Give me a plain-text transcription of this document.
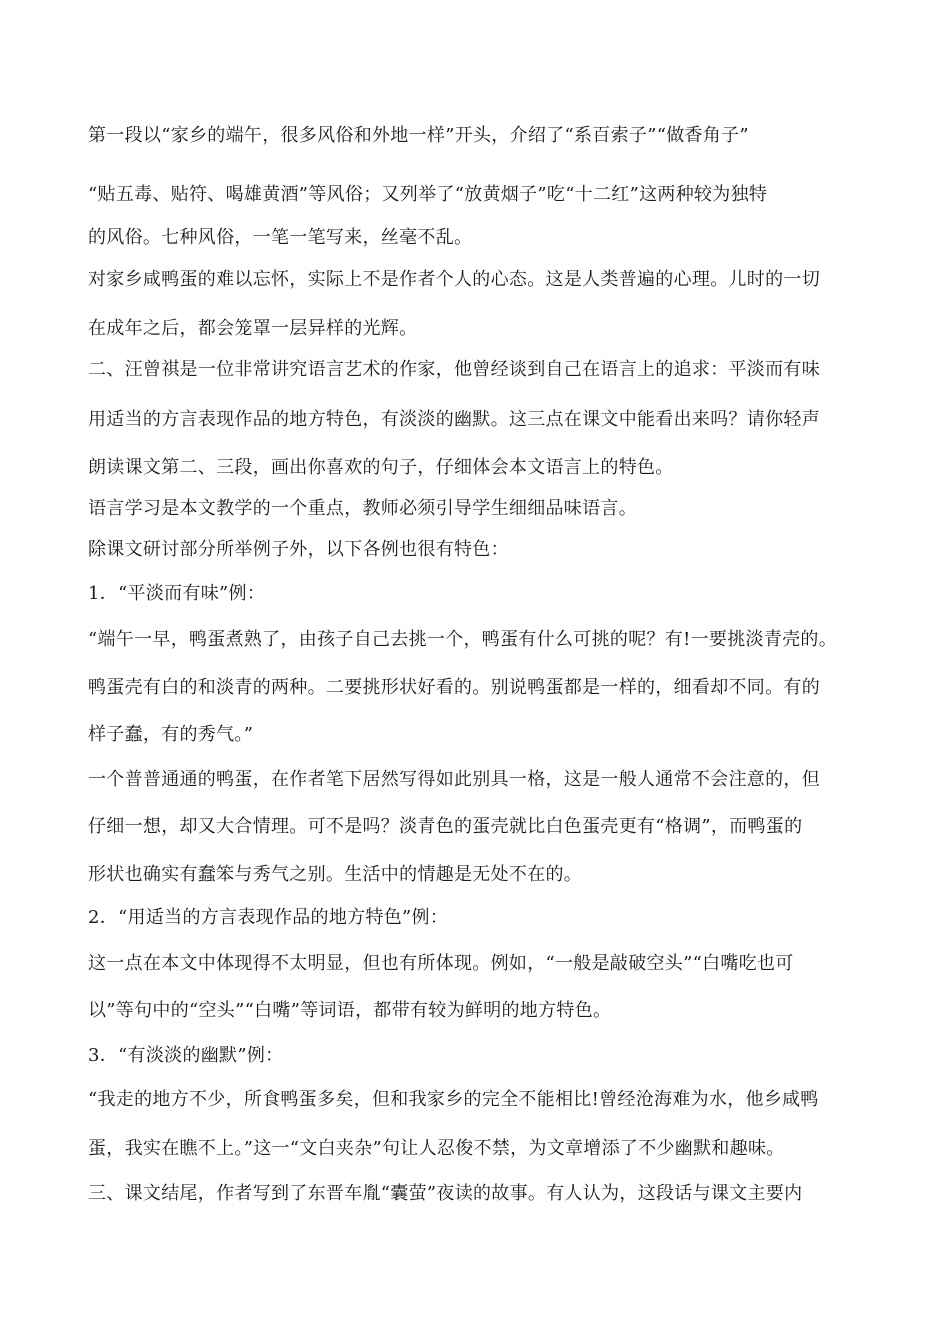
第一段以“家乡的端午，很多风俗和外地一样”开头，介绍了“系百索子”“做香角子”
“贴五毒、贴符、喝雄黄酒”等风俗；又列举了“放黄烟子”吃“十二红”这两种较为独特
的风俗。七种风俗，一笔一笔写来，丝毫不乱。
对家乡咸鸭蛋的难以忘怀，实际上不是作者个人的心态。这是人类普遍的心理。儿时的一切
在成年之后，都会笼罩一层异样的光辉。
二、汪曾祺是一位非常讲究语言艺术的作家，他曾经谈到自己在语言上的追求：平淡而有味
用适当的方言表现作品的地方特色，有淡淡的幽默。这三点在课文中能看出来吗？请你轻声
朗读课文第二、三段，画出你喜欢的句子，仔细体会本文语言上的特色。
语言学习是本文教学的一个重点，教师必须引导学生细细品味语言。
除课文研讨部分所举例子外，以下各例也很有特色：
1．“平淡而有味”例：
“端午一早，鸭蛋煮熟了，由孩子自己去挑一个，鸭蛋有什么可挑的呢？有!一要挑淡青壳的。
鸭蛋壳有白的和淡青的两种。二要挑形状好看的。别说鸭蛋都是一样的，细看却不同。有的
样子蠢，有的秀气。”
一个普普通通的鸭蛋，在作者笔下居然写得如此别具一格，这是一般人通常不会注意的，但
仔细一想，却又大合情理。可不是吗？淡青色的蛋壳就比白色蛋壳更有“格调”，而鸭蛋的
形状也确实有蠢笨与秀气之别。生活中的情趣是无处不在的。
2．“用适当的方言表现作品的地方特色”例：
这一点在本文中体现得不太明显，但也有所体现。例如，“一般是敲破空头”“白嘴吃也可
以”等句中的“空头”“白嘴”等词语，都带有较为鲜明的地方特色。
3．“有淡淡的幽默”例：
“我走的地方不少，所食鸭蛋多矣，但和我家乡的完全不能相比!曾经沧海难为水，他乡咸鸭
蛋，我实在瞧不上。”这一“文白夹杂”句让人忍俊不禁，为文章增添了不少幽默和趣味。
三、课文结尾，作者写到了东晋车胤“囊萤”夜读的故事。有人认为，这段话与课文主要内
